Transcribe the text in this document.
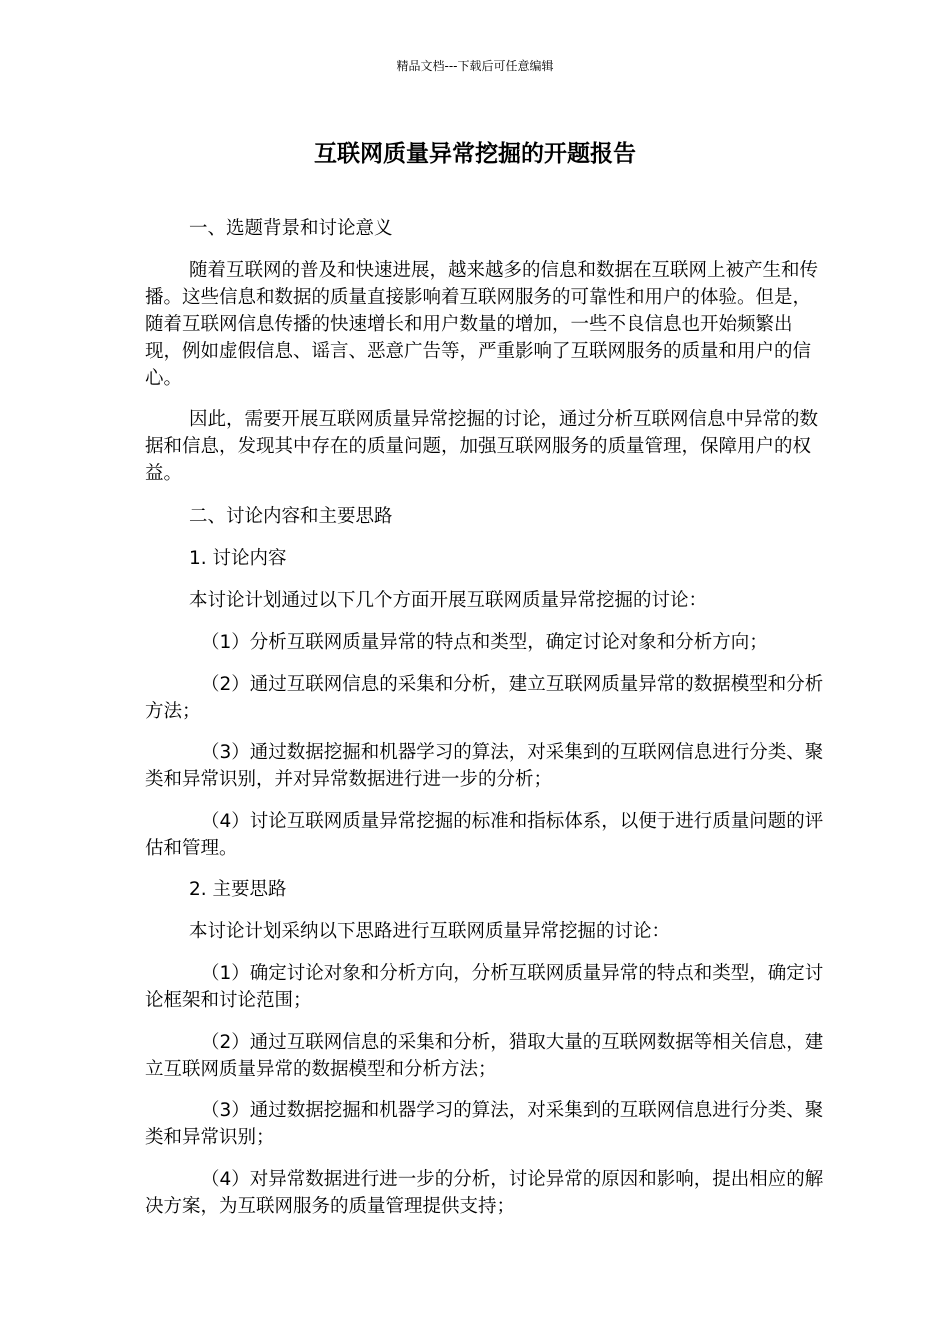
精品文档---下载后可任意编辑
互联网质量异常挖掘的开题报告

一、选题背景和讨论意义

随着互联网的普及和快速进展，越来越多的信息和数据在互联网上被产生和传播。这些信息和数据的质量直接影响着互联网服务的可靠性和用户的体验。但是，随着互联网信息传播的快速增长和用户数量的增加，一些不良信息也开始频繁出现，例如虚假信息、谣言、恶意广告等，严重影响了互联网服务的质量和用户的信心。

因此，需要开展互联网质量异常挖掘的讨论，通过分析互联网信息中异常的数据和信息，发现其中存在的质量问题，加强互联网服务的质量管理，保障用户的权益。

二、讨论内容和主要思路

1. 讨论内容

本讨论计划通过以下几个方面开展互联网质量异常挖掘的讨论：

（1）分析互联网质量异常的特点和类型，确定讨论对象和分析方向；

（2）通过互联网信息的采集和分析，建立互联网质量异常的数据模型和分析方法；

（3）通过数据挖掘和机器学习的算法，对采集到的互联网信息进行分类、聚类和异常识别，并对异常数据进行进一步的分析；

（4）讨论互联网质量异常挖掘的标准和指标体系，以便于进行质量问题的评估和管理。

2. 主要思路

本讨论计划采纳以下思路进行互联网质量异常挖掘的讨论：

（1）确定讨论对象和分析方向，分析互联网质量异常的特点和类型，确定讨论框架和讨论范围；

（2）通过互联网信息的采集和分析，猎取大量的互联网数据等相关信息，建立互联网质量异常的数据模型和分析方法；

（3）通过数据挖掘和机器学习的算法，对采集到的互联网信息进行分类、聚类和异常识别；

（4）对异常数据进行进一步的分析，讨论异常的原因和影响，提出相应的解决方案，为互联网服务的质量管理提供支持；
